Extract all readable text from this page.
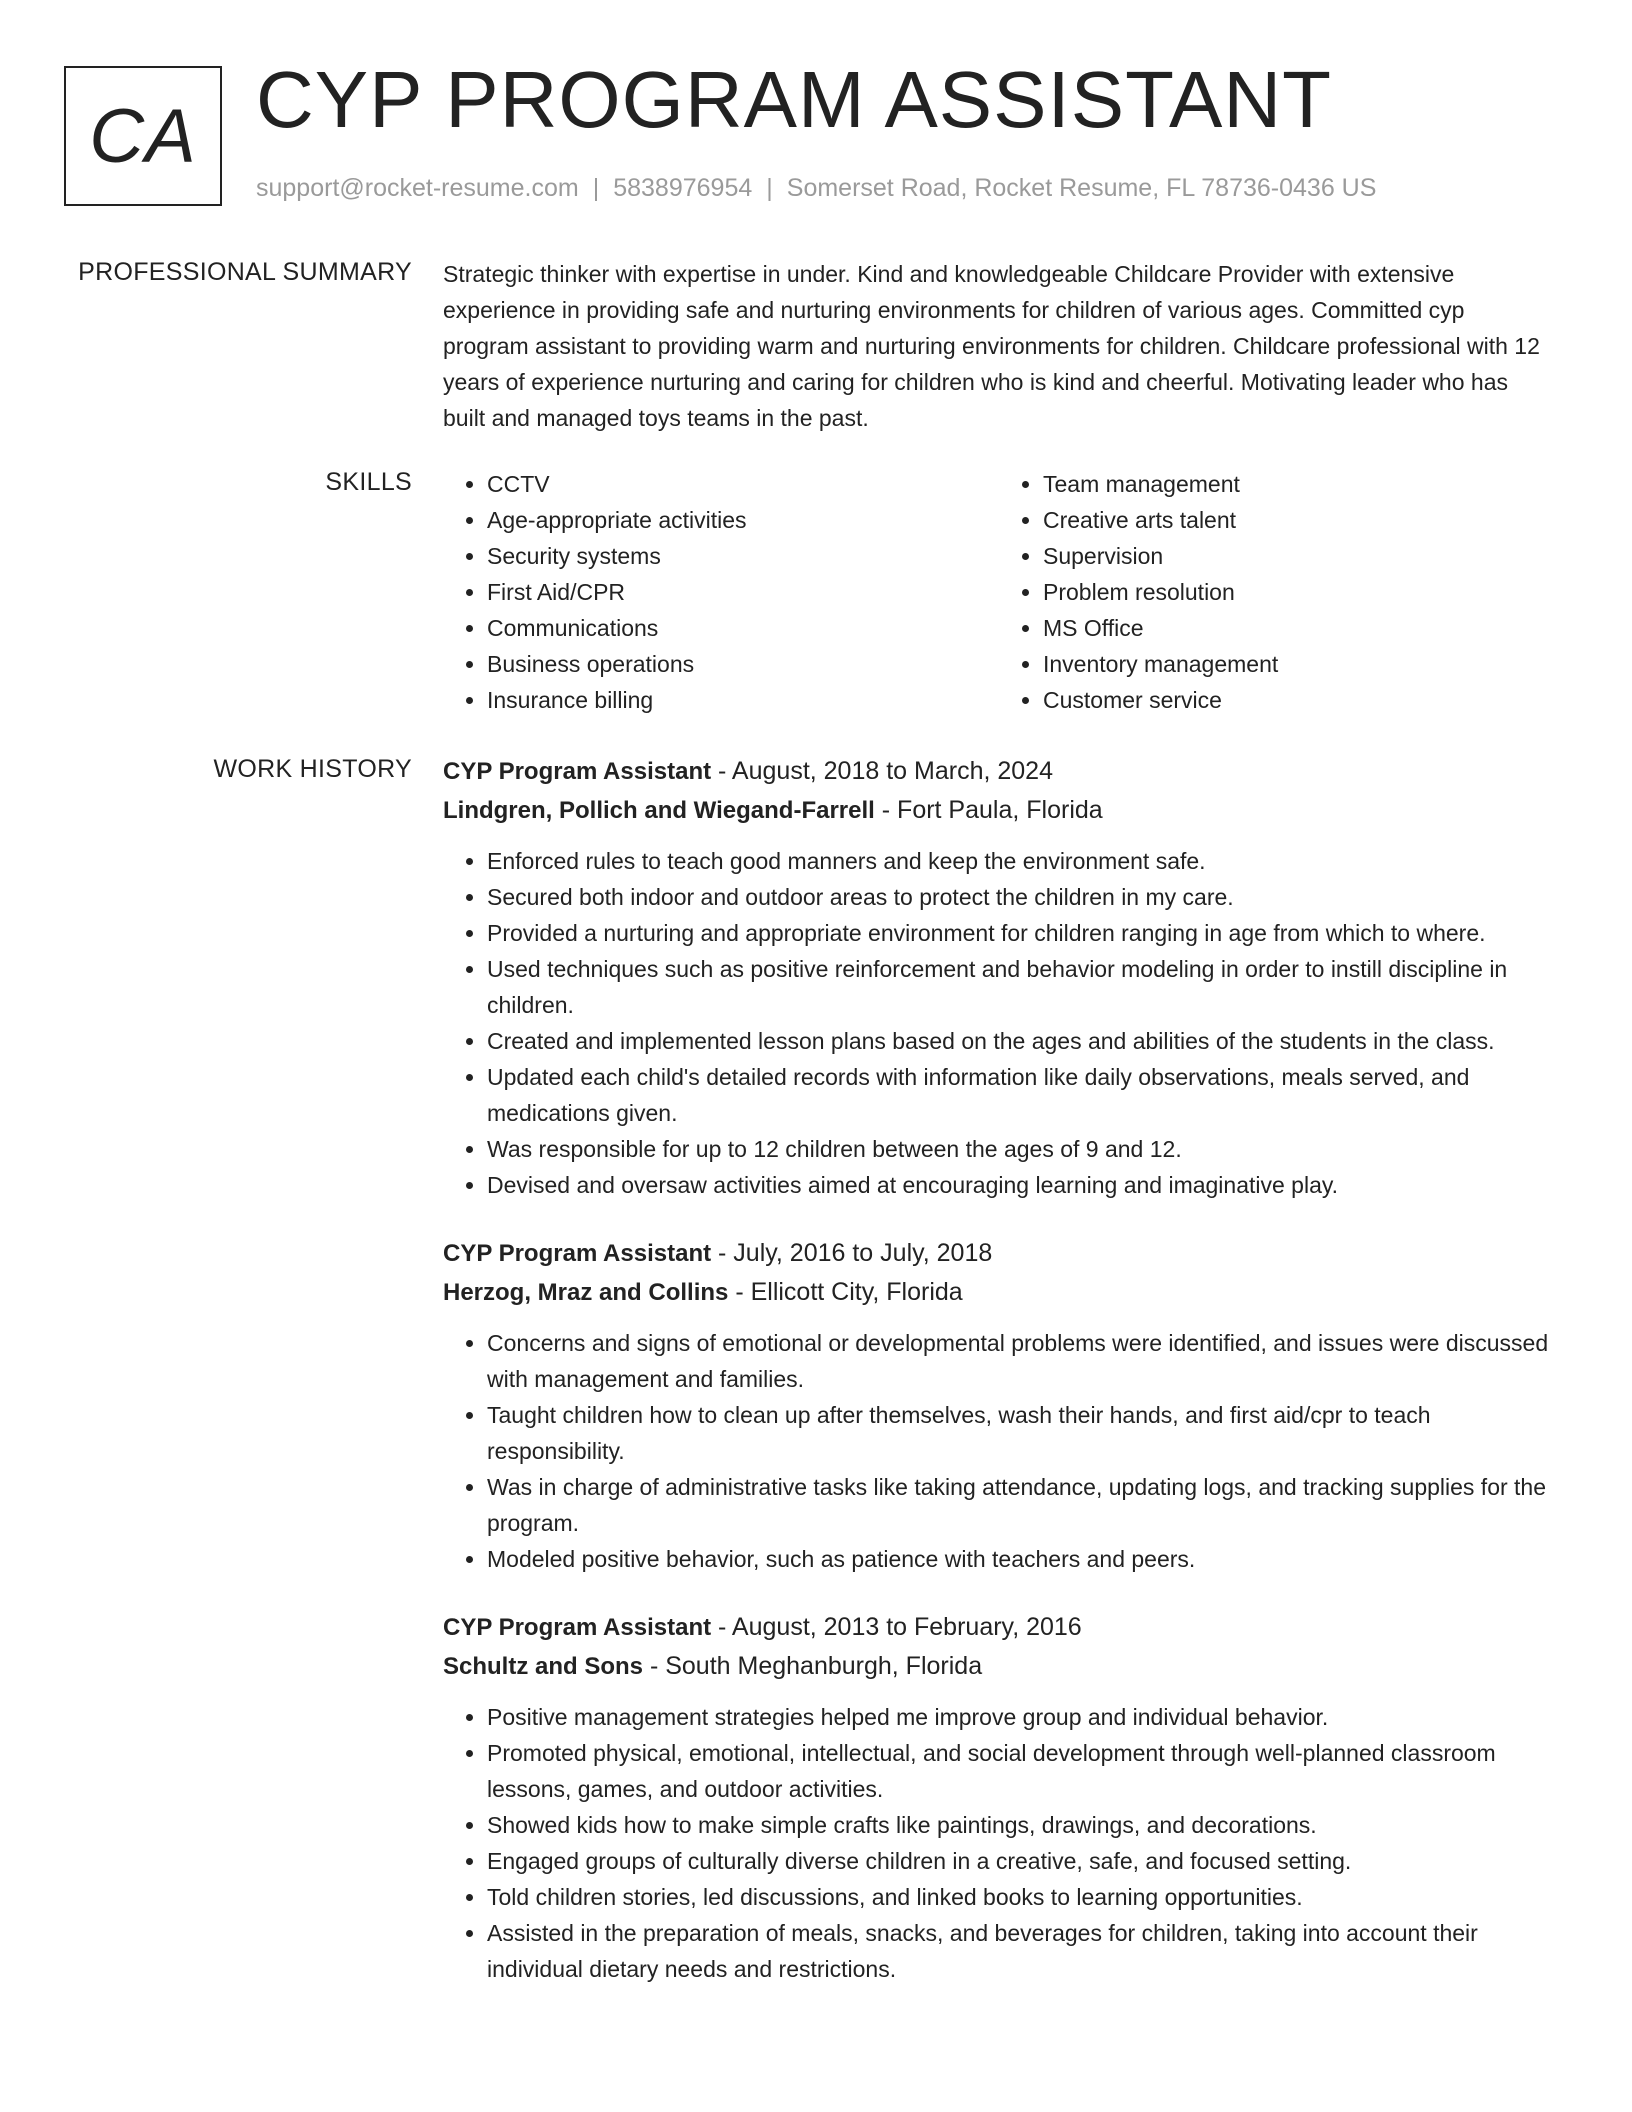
CA CYP PROGRAM ASSISTANT
support@rocket-resume.com | 5838976954 | Somerset Road, Rocket Resume, FL 78736-0436 US
PROFESSIONAL SUMMARY Strategic thinker with expertise in under. Kind and knowledgeable Childcare Provider with extensive experience in providing safe and nurturing environments for children of various ages. Committed cyp program assistant to providing warm and nurturing environments for children. Childcare professional with 12 years of experience nurturing and caring for children who is kind and cheerful. Motivating leader who has built and managed toys teams in the past.

SKILLS
•	CCTV
• Age-appropriate activities
• Security systems
• First Aid/CPR
• Communications
• Business operations
• Insurance billing
• Team management
• Creative arts talent
• Supervision
• Problem resolution
• MS Office
• Inventory management
• Customer service
WORK HISTORY CYP Program Assistant - August, 2018 to March, 2024
Lindgren, Pollich and Wiegand-Farrell - Fort Paula, Florida
• Enforced rules to teach good manners and keep the environment safe.
• Secured both indoor and outdoor areas to protect the children in my care.
• Provided a nurturing and appropriate environment for children ranging in age from which to where.
• Used techniques such as positive reinforcement and behavior modeling in order to instill discipline in children.
• Created and implemented lesson plans based on the ages and abilities of the students in the class.
• Updated each child's detailed records with information like daily observations, meals served, and medications given.
• Was responsible for up to 12 children between the ages of 9 and 12.
• Devised and oversaw activities aimed at encouraging learning and imaginative play.
CYP Program Assistant - July, 2016 to July, 2018
Herzog, Mraz and Collins - Ellicott City, Florida
• Concerns and signs of emotional or developmental problems were identified, and issues were discussed with management and families.
• Taught children how to clean up after themselves, wash their hands, and first aid/cpr to teach responsibility.
• Was in charge of administrative tasks like taking attendance, updating logs, and tracking supplies for the program.
• Modeled positive behavior, such as patience with teachers and peers.
CYP Program Assistant - August, 2013 to February, 2016
Schultz and Sons - South Meghanburgh, Florida
• Positive management strategies helped me improve group and individual behavior.
• Promoted physical, emotional, intellectual, and social development through well-planned classroom lessons, games, and outdoor activities.
• Showed kids how to make simple crafts like paintings, drawings, and decorations.
• Engaged groups of culturally diverse children in a creative, safe, and focused setting.
• Told children stories, led discussions, and linked books to learning opportunities.
• Assisted in the preparation of meals, snacks, and beverages for children, taking into account their individual dietary needs and restrictions.
